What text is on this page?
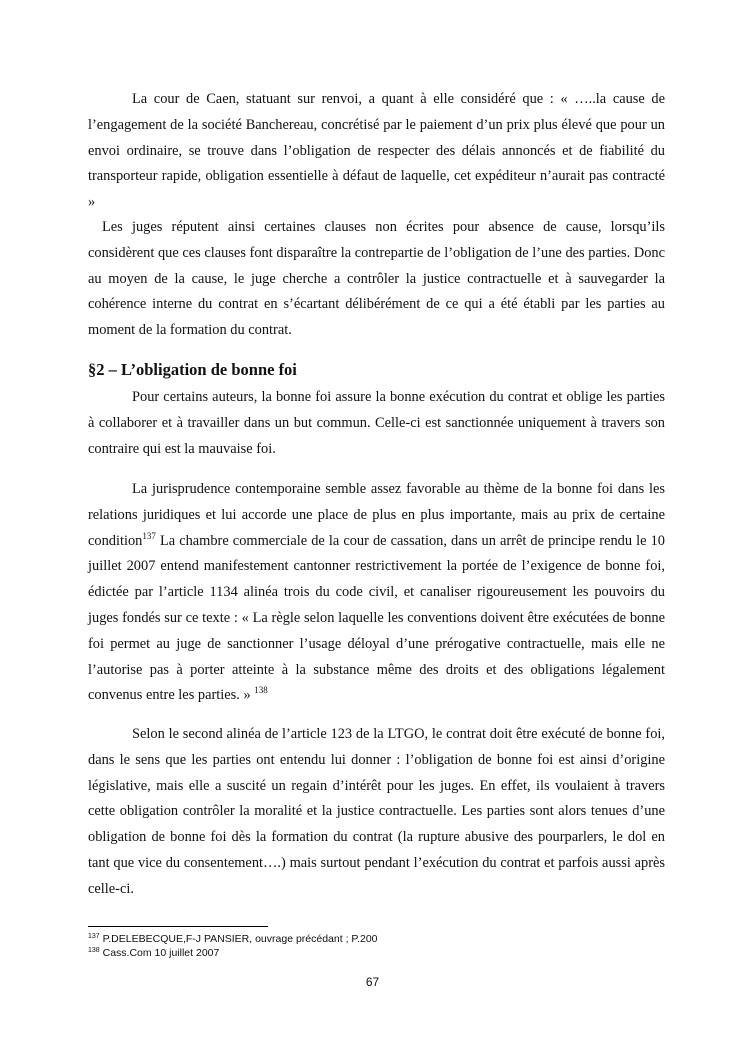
La cour de Caen, statuant sur renvoi, a quant à elle considéré que : « …..la cause de l’engagement de la société Banchereau, concrétisé par le paiement d’un prix plus élevé que pour un envoi ordinaire, se trouve dans l’obligation de respecter des délais annoncés et de fiabilité du transporteur rapide, obligation essentielle à défaut de laquelle, cet expéditeur n’aurait pas contracté »

Les juges réputent ainsi certaines clauses non écrites pour absence de cause, lorsqu’ils considèrent que ces clauses font disparaître la contrepartie de l’obligation de l’une des parties. Donc au moyen de la cause, le juge cherche a contrôler la justice contractuelle et à sauvegarder la cohérence interne du contrat en s’écartant délibérément de ce qui a été établi par les parties au moment de la formation du contrat.

§2 – L’obligation de bonne foi

Pour certains auteurs, la bonne foi assure la bonne exécution du contrat et oblige les parties à collaborer et à travailler dans un but commun. Celle-ci est sanctionnée uniquement à travers son contraire qui est la mauvaise foi.

La jurisprudence contemporaine semble assez favorable au thème de la bonne foi dans les relations juridiques et lui accorde une place de plus en plus importante, mais au prix de certaine condition$^{137}$ La chambre commerciale de la cour de cassation, dans un arrêt de principe rendu le 10 juillet 2007 entend manifestement cantonner restrictivement la portée de l’exigence de bonne foi, édictée par l’article 1134 alinéa trois du code civil, et canaliser rigoureusement les pouvoirs du juges fondés sur ce texte : « La règle selon laquelle les conventions doivent être exécutées de bonne foi permet au juge de sanctionner l’usage déloyal d’une prérogative contractuelle, mais elle ne l’autorise pas à porter atteinte à la substance même des droits et des obligations légalement convenus entre les parties. » $^{138}$

Selon le second alinéa de l’article 123 de la LTGO, le contrat doit être exécuté de bonne foi, dans le sens que les parties ont entendu lui donner : l’obligation de bonne foi est ainsi d’origine législative, mais elle a suscité un regain d’intérêt pour les juges. En effet, ils voulaient à travers cette obligation contrôler la moralité et la justice contractuelle. Les parties sont alors tenues d’une obligation de bonne foi dès la formation du contrat (la rupture abusive des pourparlers, le dol en tant que vice du consentement….) mais surtout pendant l’exécution du contrat et parfois aussi après celle-ci.

$^{137}$ P.DELEBECQUE,F-J PANSIER, ouvrage précédant ; P.200

$^{138}$ Cass.Com 10 juillet 2007

67
